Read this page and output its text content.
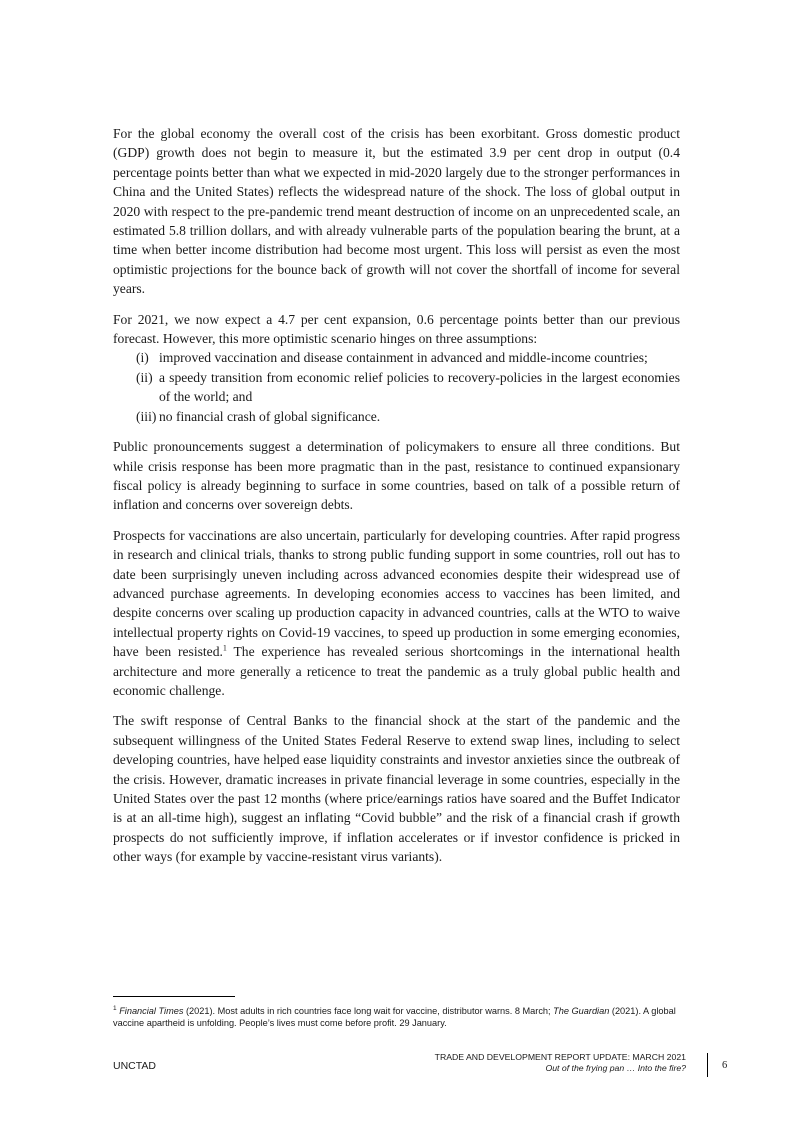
For the global economy the overall cost of the crisis has been exorbitant. Gross domestic product (GDP) growth does not begin to measure it, but the estimated 3.9 per cent drop in output (0.4 percentage points better than what we expected in mid-2020 largely due to the stronger performances in China and the United States) reflects the widespread nature of the shock. The loss of global output in 2020 with respect to the pre-pandemic trend meant destruction of income on an unprecedented scale, an estimated 5.8 trillion dollars, and with already vulnerable parts of the population bearing the brunt, at a time when better income distribution had become most urgent. This loss will persist as even the most optimistic projections for the bounce back of growth will not cover the shortfall of income for several years.

For 2021, we now expect a 4.7 per cent expansion, 0.6 percentage points better than our previous forecast. However, this more optimistic scenario hinges on three assumptions:

(i) improved vaccination and disease containment in advanced and middle-income countries;
(ii) a speedy transition from economic relief policies to recovery-policies in the largest economies of the world; and
(iii) no financial crash of global significance.

Public pronouncements suggest a determination of policymakers to ensure all three conditions. But while crisis response has been more pragmatic than in the past, resistance to continued expansionary fiscal policy is already beginning to surface in some countries, based on talk of a possible return of inflation and concerns over sovereign debts.

Prospects for vaccinations are also uncertain, particularly for developing countries. After rapid progress in research and clinical trials, thanks to strong public funding support in some countries, roll out has to date been surprisingly uneven including across advanced economies despite their widespread use of advanced purchase agreements. In developing economies access to vaccines has been limited, and despite concerns over scaling up production capacity in advanced countries, calls at the WTO to waive intellectual property rights on Covid-19 vaccines, to speed up production in some emerging economies, have been resisted.$^1$ The experience has revealed serious shortcomings in the international health architecture and more generally a reticence to treat the pandemic as a truly global public health and economic challenge.

The swift response of Central Banks to the financial shock at the start of the pandemic and the subsequent willingness of the United States Federal Reserve to extend swap lines, including to select developing countries, have helped ease liquidity constraints and investor anxieties since the outbreak of the crisis. However, dramatic increases in private financial leverage in some countries, especially in the United States over the past 12 months (where price/earnings ratios have soared and the Buffet Indicator is at an all-time high), suggest an inflating “Covid bubble” and the risk of a financial crash if growth prospects do not sufficiently improve, if inflation accelerates or if investor confidence is pricked in other ways (for example by vaccine-resistant virus variants).

$^1$ Financial Times (2021). Most adults in rich countries face long wait for vaccine, distributor warns. 8 March; The Guardian (2021). A global vaccine apartheid is unfolding. People’s lives must come before profit. 29 January.
UNCTAD
TRADE AND DEVELOPMENT REPORT UPDATE: MARCH 2021
Out of the frying pan … Into the fire?	6
